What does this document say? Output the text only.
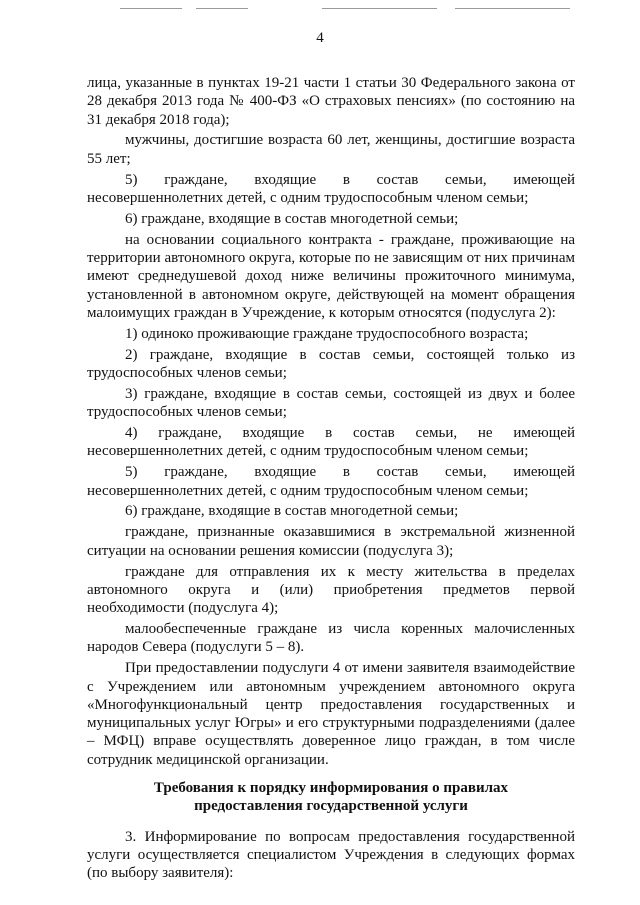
4

лица, указанные в пунктах 19-21 части 1 статьи 30 Федерального закона от 28 декабря 2013 года № 400-ФЗ «О страховых пенсиях» (по состоянию на 31 декабря 2018 года);

мужчины, достигшие возраста 60 лет, женщины, достигшие возраста 55 лет;

5) граждане, входящие в состав семьи, имеющей несовершеннолетних детей, с одним трудоспособным членом семьи;

6) граждане, входящие в состав многодетной семьи;

на основании социального контракта - граждане, проживающие на территории автономного округа, которые по не зависящим от них причинам имеют среднедушевой доход ниже величины прожиточного минимума, установленной в автономном округе, действующей на момент обращения малоимущих граждан в Учреждение, к которым относятся (подуслуга 2):

1) одиноко проживающие граждане трудоспособного возраста;

2) граждане, входящие в состав семьи, состоящей только из трудоспособных членов семьи;

3) граждане, входящие в состав семьи, состоящей из двух и более трудоспособных членов семьи;

4) граждане, входящие в состав семьи, не имеющей несовершеннолетних детей, с одним трудоспособным членом семьи;

5) граждане, входящие в состав семьи, имеющей несовершеннолетних детей, с одним трудоспособным членом семьи;

6) граждане, входящие в состав многодетной семьи;

граждане, признанные оказавшимися в экстремальной жизненной ситуации на основании решения комиссии (подуслуга 3);

граждане для отправления их к месту жительства в пределах автономного округа и (или) приобретения предметов первой необходимости (подуслуга 4);

малообеспеченные граждане из числа коренных малочисленных народов Севера (подуслуги 5 – 8).

При предоставлении подуслуги 4 от имени заявителя взаимодействие с Учреждением или автономным учреждением автономного округа «Многофункциональный центр предоставления государственных и муниципальных услуг Югры» и его структурными подразделениями (далее – МФЦ) вправе осуществлять доверенное лицо граждан, в том числе сотрудник медицинской организации.

Требования к порядку информирования о правилах
предоставления государственной услуги

3. Информирование по вопросам предоставления государственной услуги осуществляется специалистом Учреждения в следующих формах (по выбору заявителя):
